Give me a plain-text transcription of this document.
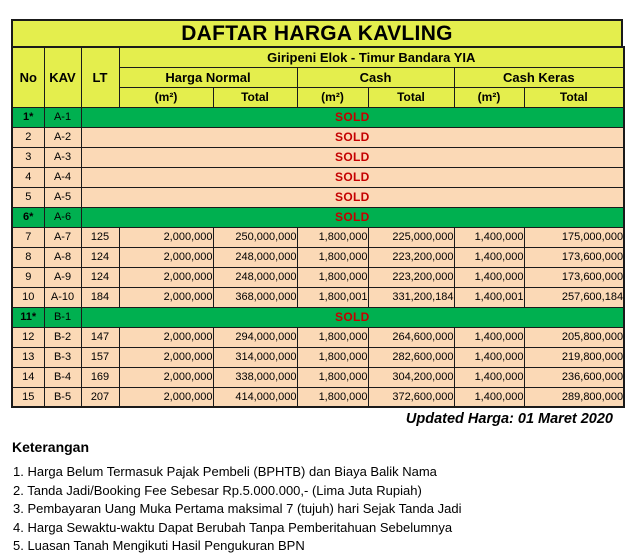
DAFTAR HARGA KAVLING
No	KAV	LT	Giripeni Elok - Timur Bandara YIA					
			Harga Normal		Cash		Cash Keras	
			(m²)	Total	(m²)	Total	(m²)	Total
1*	A-1	SOLD						
2	A-2	SOLD						
3	A-3	SOLD						
4	A-4	SOLD						
5	A-5	SOLD						
6*	A-6	SOLD						
7	A-7	125	2,000,000	250,000,000	1,800,000	225,000,000	1,400,000	175,000,000
8	A-8	124	2,000,000	248,000,000	1,800,000	223,200,000	1,400,000	173,600,000
9	A-9	124	2,000,000	248,000,000	1,800,000	223,200,000	1,400,000	173,600,000
10	A-10	184	2,000,000	368,000,000	1,800,001	331,200,184	1,400,001	257,600,184
11*	B-1	SOLD						
12	B-2	147	2,000,000	294,000,000	1,800,000	264,600,000	1,400,000	205,800,000
13	B-3	157	2,000,000	314,000,000	1,800,000	282,600,000	1,400,000	219,800,000
14	B-4	169	2,000,000	338,000,000	1,800,000	304,200,000	1,400,000	236,600,000
15	B-5	207	2,000,000	414,000,000	1,800,000	372,600,000	1,400,000	289,800,000
Updated Harga: 01 Maret 2020
Keterangan
1. Harga Belum Termasuk Pajak Pembeli (BPHTB) dan Biaya Balik Nama
2. Tanda Jadi/Booking Fee Sebesar Rp.5.000.000,- (Lima Juta Rupiah)
3. Pembayaran Uang Muka Pertama maksimal 7 (tujuh) hari Sejak Tanda Jadi
4. Harga Sewaktu-waktu Dapat Berubah Tanpa Pemberitahuan Sebelumnya
5. Luasan Tanah Mengikuti Hasil Pengukuran BPN
